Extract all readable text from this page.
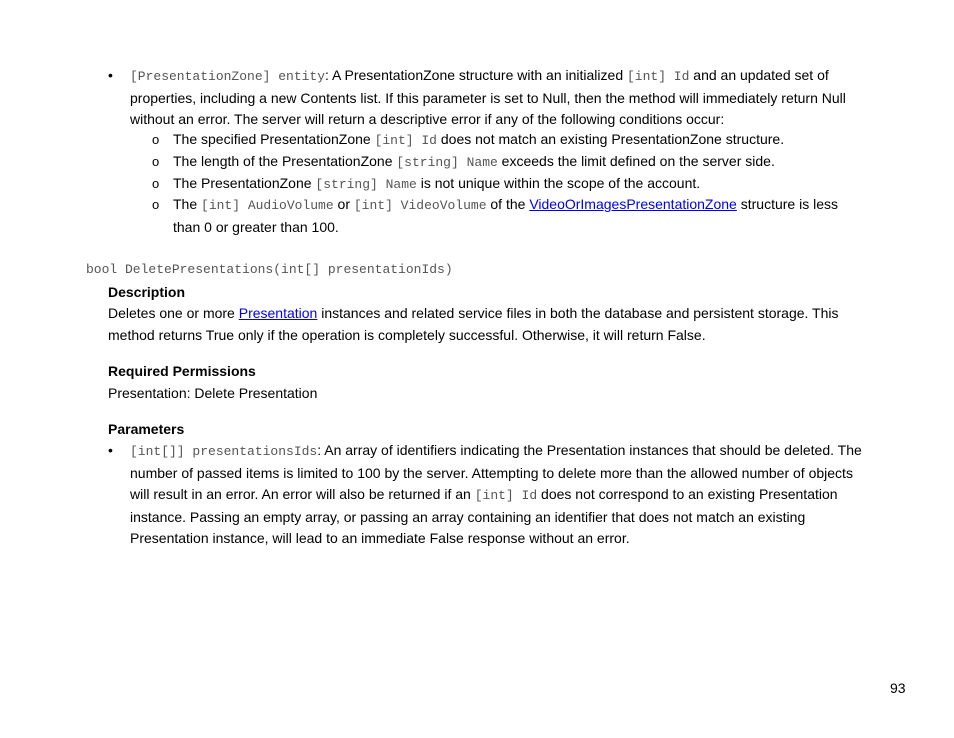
• [PresentationZone] entity: A PresentationZone structure with an initialized [int] Id and an updated set of properties, including a new Contents list. If this parameter is set to Null, then the method will immediately return Null without an error. The server will return a descriptive error if any of the following conditions occur:
o The specified PresentationZone [int] Id does not match an existing PresentationZone structure.
o The length of the PresentationZone [string] Name exceeds the limit defined on the server side.
o The PresentationZone [string] Name is not unique within the scope of the account.
o The [int] AudioVolume or [int] VideoVolume of the VideoOrImagesPresentationZone structure is less than 0 or greater than 100.
bool DeletePresentations(int[] presentationIds)
Description
Deletes one or more Presentation instances and related service files in both the database and persistent storage. This method returns True only if the operation is completely successful. Otherwise, it will return False.
Required Permissions
Presentation: Delete Presentation
Parameters
• [int[]] presentationsIds: An array of identifiers indicating the Presentation instances that should be deleted. The number of passed items is limited to 100 by the server. Attempting to delete more than the allowed number of objects will result in an error. An error will also be returned if an [int] Id does not correspond to an existing Presentation instance. Passing an empty array, or passing an array containing an identifier that does not match an existing Presentation instance, will lead to an immediate False response without an error.
93
